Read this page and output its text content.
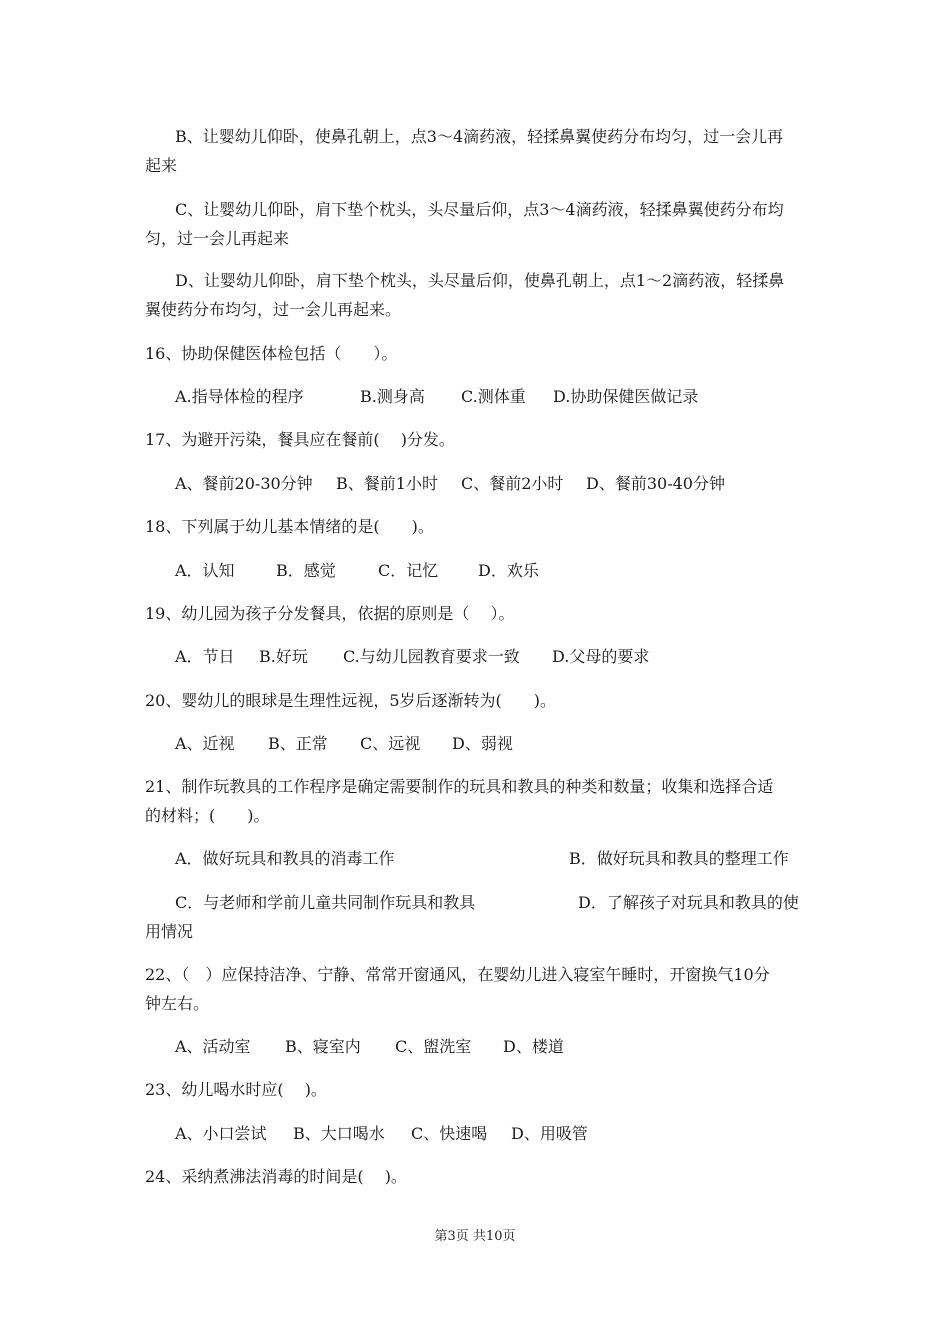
B、让婴幼儿仰卧，使鼻孔朝上，点3～4滴药液，轻揉鼻翼使药分布均匀，过一会儿再
起来
C、让婴幼儿仰卧，肩下垫个枕头，头尽量后仰，点3～4滴药液，轻揉鼻翼使药分布均
匀，过一会儿再起来
D、让婴幼儿仰卧，肩下垫个枕头，头尽量后仰，使鼻孔朝上，点1～2滴药液，轻揉鼻
翼使药分布均匀，过一会儿再起来。
16、协助保健医体检包括（　　）。
A.指导体检的程序	B.测身高 C.测体重 D.协助保健医做记录
17、为避开污染，餐具应在餐前(　 )分发。
A、餐前20-30分钟 B、餐前1小时 C、餐前2小时 D、餐前30-40分钟
18、下列属于幼儿基本情绪的是(　　)。
A．认知	B．感觉	C．记忆 D．欢乐
19、幼儿园为孩子分发餐具，依据的原则是（　 ）。
A．节日 B.好玩 C.与幼儿园教育要求一致 D.父母的要求
20、婴幼儿的眼球是生理性远视，5岁后逐渐转为(　　)。
A、近视 B、正常 C、远视 D、弱视
21、制作玩教具的工作程序是确定需要制作的玩具和教具的种类和数量；收集和选择合适
的材料；(　　)。
A．做好玩具和教具的消毒工作	B．做好玩具和教具的整理工作
C．与老师和学前儿童共同制作玩具和教具	D．了解孩子对玩具和教具的使
用情况
22、（　）应保持洁净、宁静、常常开窗通风，在婴幼儿进入寝室午睡时，开窗换气10分
钟左右。
A、活动室 B、寝室内 C、盥洗室 D、楼道
23、幼儿喝水时应(　 )。
A、小口尝试 B、大口喝水 C、快速喝 D、用吸管
24、采纳煮沸法消毒的时间是(　 )。
第3页 共10页
